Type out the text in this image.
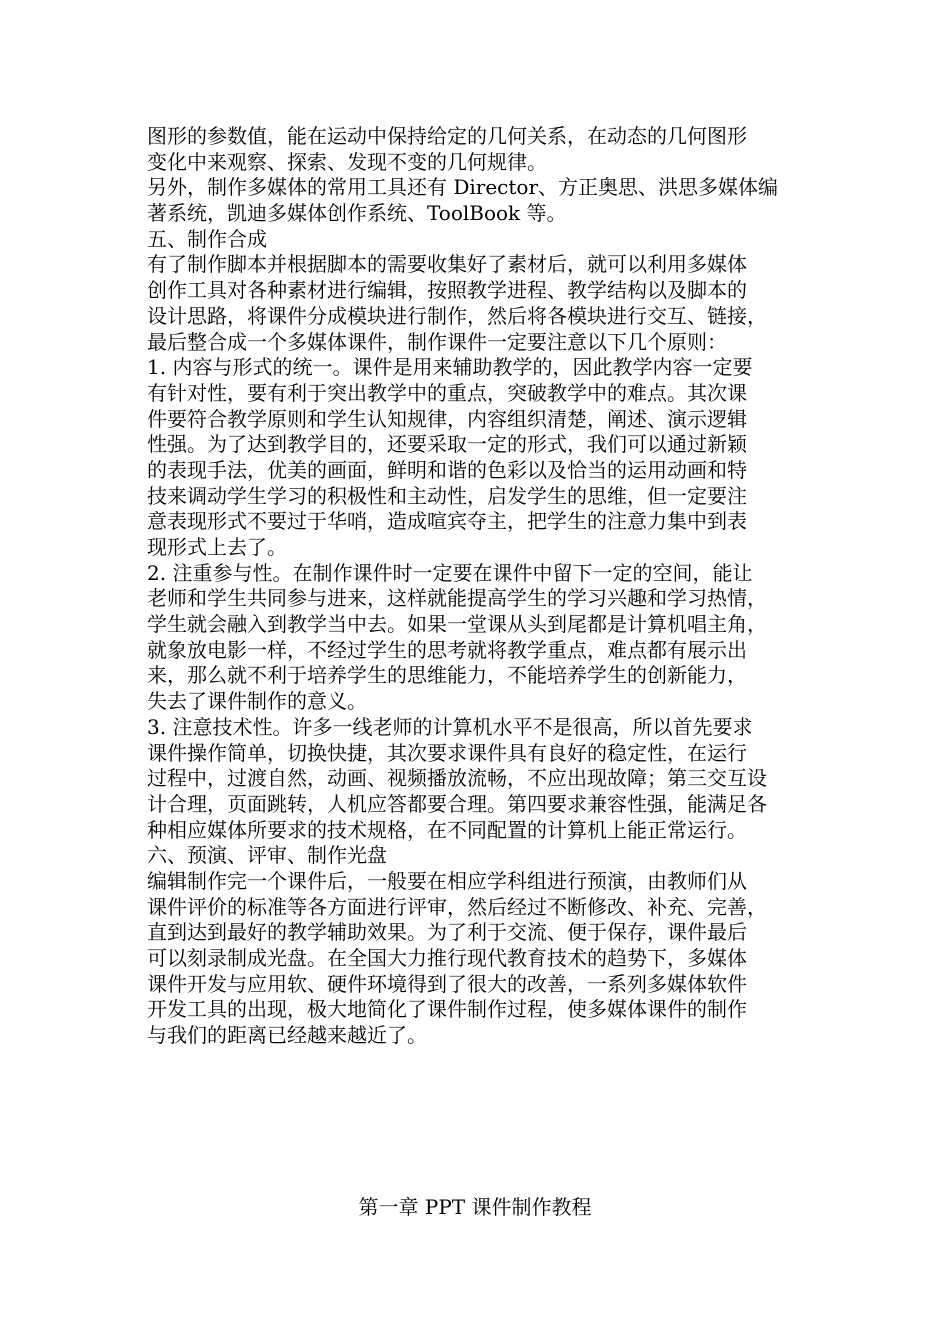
图形的参数值，能在运动中保持给定的几何关系，在动态的几何图形
变化中来观察、探索、发现不变的几何规律。
另外，制作多媒体的常用工具还有 Director、方正奥思、洪思多媒体编
著系统，凯迪多媒体创作系统、ToolBook 等。
五、制作合成
有了制作脚本并根据脚本的需要收集好了素材后，就可以利用多媒体
创作工具对各种素材进行编辑，按照教学进程、教学结构以及脚本的
设计思路，将课件分成模块进行制作，然后将各模块进行交互、链接，
最后整合成一个多媒体课件，制作课件一定要注意以下几个原则：
1. 内容与形式的统一。课件是用来辅助教学的，因此教学内容一定要
有针对性，要有利于突出教学中的重点，突破教学中的难点。其次课
件要符合教学原则和学生认知规律，内容组织清楚，阐述、演示逻辑
性强。为了达到教学目的，还要采取一定的形式，我们可以通过新颖
的表现手法，优美的画面，鲜明和谐的色彩以及恰当的运用动画和特
技来调动学生学习的积极性和主动性，启发学生的思维，但一定要注
意表现形式不要过于华哨，造成喧宾夺主，把学生的注意力集中到表
现形式上去了。
2. 注重参与性。在制作课件时一定要在课件中留下一定的空间，能让
老师和学生共同参与进来，这样就能提高学生的学习兴趣和学习热情，
学生就会融入到教学当中去。如果一堂课从头到尾都是计算机唱主角，
就象放电影一样，不经过学生的思考就将教学重点，难点都有展示出
来，那么就不利于培养学生的思维能力，不能培养学生的创新能力，
失去了课件制作的意义。
3. 注意技术性。许多一线老师的计算机水平不是很高，所以首先要求
课件操作简单，切换快捷，其次要求课件具有良好的稳定性，在运行
过程中，过渡自然，动画、视频播放流畅，不应出现故障；第三交互设
计合理，页面跳转，人机应答都要合理。第四要求兼容性强，能满足各
种相应媒体所要求的技术规格，在不同配置的计算机上能正常运行。
六、预演、评审、制作光盘
编辑制作完一个课件后，一般要在相应学科组进行预演，由教师们从
课件评价的标准等各方面进行评审，然后经过不断修改、补充、完善，
直到达到最好的教学辅助效果。为了利于交流、便于保存，课件最后
可以刻录制成光盘。在全国大力推行现代教育技术的趋势下，多媒体
课件开发与应用软、硬件环境得到了很大的改善，一系列多媒体软件
开发工具的出现，极大地简化了课件制作过程，使多媒体课件的制作
与我们的距离已经越来越近了。
第一章 PPT 课件制作教程
